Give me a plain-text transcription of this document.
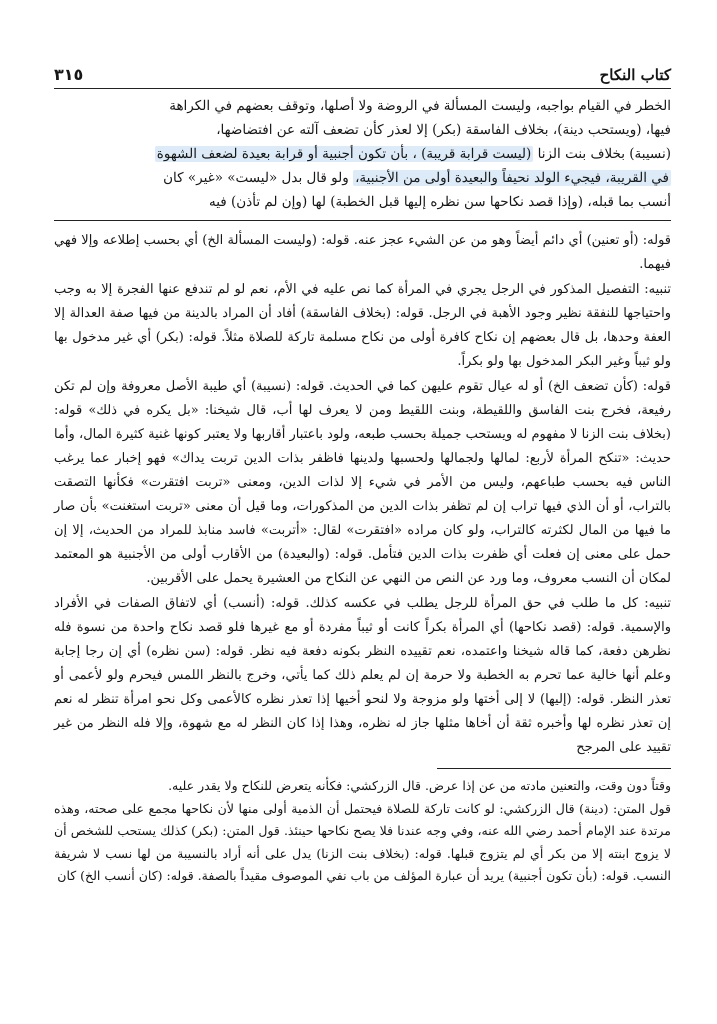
كتاب النكاح
٣١٥

الخطر في القيام بواجبه، وليست المسألة في الروضة ولا أصلها، وتوقف بعضهم في الكراهة

فيها، (ويستحب دينة)، بخلاف الفاسقة (بكر) إلا لعذر كأن تضعف آلته عن افتضاضها،

(نسيبة) بخلاف بنت الزنا (ليست قرابة قريبة) ، بأن تكون أجنبية أو قرابة بعيدة لضعف الشهوة

في القريبة، فيجيء الولد نحيفاً والبعيدة أولى من الأجنبية، ولو قال بدل «ليست» «غير» كان

أنسب بما قبله، (وإذا قصد نكاحها سن نظره إليها قبل الخطبة) لها (وإن لم تأذن) فيه

قوله: (أو تعنين) أي دائم أيضاً وهو من عن الشيء عجز عنه. قوله: (وليست المسألة الخ) أي بحسب إطلاعه وإلا فهي فيهما.

تنبيه: التفصيل المذكور في الرجل يجري في المرأة كما نص عليه في الأم، نعم لو لم تندفع عنها الفجرة إلا به وجب واحتياجها للنفقة نظير وجود الأهبة في الرجل. قوله: (بخلاف الفاسقة) أفاد أن المراد بالدينة من فيها صفة العدالة إلا العفة وحدها، بل قال بعضهم إن نكاح كافرة أولى من نكاح مسلمة تاركة للصلاة مثلاً. قوله: (بكر) أي غير مدخول بها ولو ثيباً وغير البكر المدخول بها ولو بكراً.

قوله: (كأن تضعف الخ) أو له عيال تقوم عليهن كما في الحديث. قوله: (نسيبة) أي طيبة الأصل معروفة وإن لم تكن رفيعة، فخرج بنت الفاسق واللقيطة، وبنت اللقيط ومن لا يعرف لها أب، قال شيخنا: «بل يكره في ذلك» قوله: (بخلاف بنت الزنا لا مفهوم له ويستحب جميلة بحسب طبعه، ولود باعتبار أقاربها ولا يعتبر كونها غنية كثيرة المال، وأما حديث: «تنكح المرأة لأربع: لمالها ولجمالها ولحسبها ولدينها فاظفر بذات الدين تربت يداك» فهو إخبار عما يرغب الناس فيه بحسب طباعهم، وليس من الأمر في شيء إلا لذات الدين، ومعنى «تربت افتقرت» فكأنها التصقت بالتراب، أو أن الذي فيها تراب إن لم تظفر بذات الدين من المذكورات، وما قيل أن معنى «تربت استغنت» بأن صار ما فيها من المال لكثرته كالتراب، ولو كان مراده «افتقرت» لقال: «أتربت» فاسد منابذ للمراد من الحديث، إلا إن حمل على معنى إن فعلت أي ظفرت بذات الدين فتأمل. قوله: (والبعيدة) من الأقارب أولى من الأجنبية هو المعتمد لمكان أن النسب معروف، وما ورد عن النص من النهي عن النكاح من العشيرة يحمل على الأقربين.

تنبيه: كل ما طلب في حق المرأة للرجل يطلب في عكسه كذلك. قوله: (أنسب) أي لاتفاق الصفات في الأفراد والإسمية. قوله: (قصد نكاحها) أي المرأة بكراً كانت أو ثيباً مفردة أو مع غيرها فلو قصد نكاح واحدة من نسوة فله نظرهن دفعة، كما قاله شيخنا واعتمده، نعم تقييده النظر بكونه دفعة فيه نظر. قوله: (سن نظره) أي إن رجا إجابة وعلم أنها خالية عما تحرم به الخطبة ولا حرمة إن لم يعلم ذلك كما يأتي، وخرج بالنظر اللمس فيحرم ولو لأعمى أو تعذر النظر. قوله: (إليها) لا إلى أختها ولو مزوجة ولا لنحو أخيها إذا تعذر نظره كالأعمى وكل نحو امرأة تنظر له نعم إن تعذر نظره لها وأخبره ثقة أن أخاها مثلها جاز له نظره، وهذا إذا كان النظر له مع شهوة، وإلا فله النظر من غير تقييد على المرجح

وقتاً دون وقت، والتعنين مادته من عن إذا عرض. قال الزركشي: فكأنه يتعرض للنكاح ولا يقدر عليه.

قول المتن: (دينة) قال الزركشي: لو كانت تاركة للصلاة فيحتمل أن الذمية أولى منها لأن نكاحها مجمع على صحته، وهذه مرتدة عند الإمام أحمد رضي الله عنه، وفي وجه عندنا فلا يصح نكاحها حينئذ. قول المتن: (بكر) كذلك يستحب للشخص أن لا يزوج ابنته إلا من بكر أي لم يتزوج قبلها. قوله: (بخلاف بنت الزنا) يدل على أنه أراد بالنسيبة من لها نسب لا شريفة النسب. قوله: (بأن تكون أجنبية) يريد أن عبارة المؤلف من باب نفي الموصوف مقيداً بالصفة. قوله: (كان أنسب الخ) كان
